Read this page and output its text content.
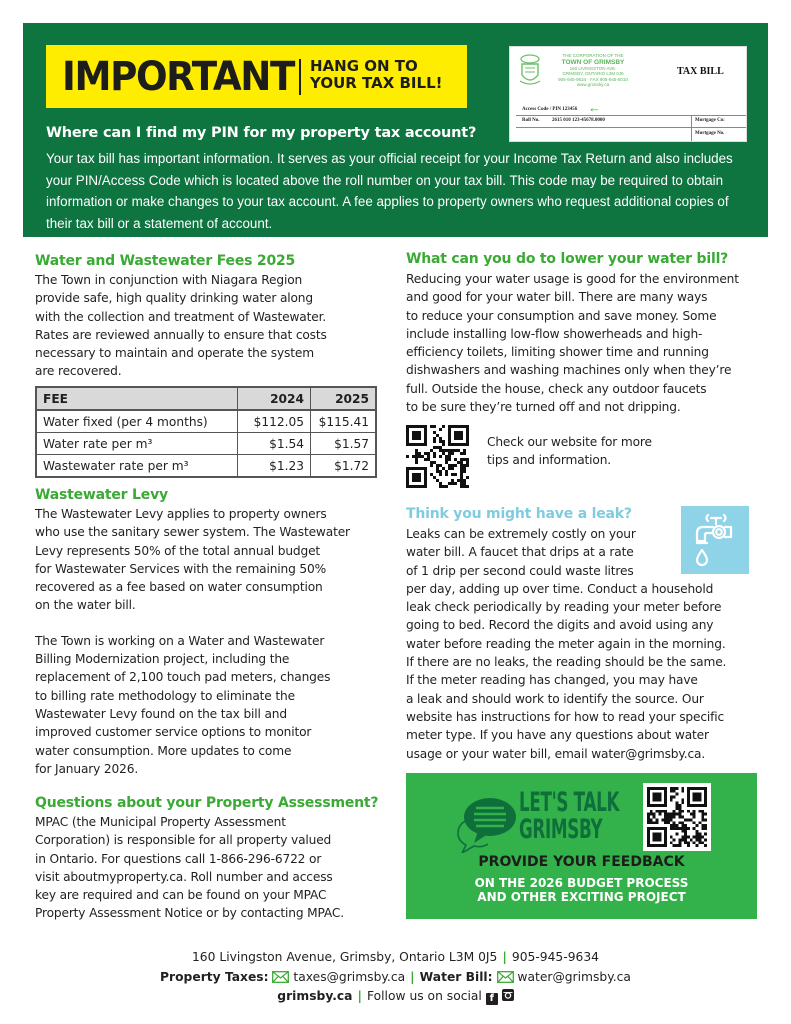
IMPORTANT HANG ON TO
YOUR TAX BILL!
THE CORPORATION OF THE
TOWN OF GRIMSBY
160 LIVINGSTON AVE.
GRIMSBY, ONTARIO L3M 0J5
905-945-9634 · FAX 905-945-5010
www.grimsby.ca
TAX BILL
Access Code / PIN 123456 ←
Roll No.	2615 010 123-45678.0000	Mortgage Co:
Mortgage No.
Where can I find my PIN for my property tax account?
Your tax bill has important information. It serves as your official receipt for your Income Tax Return and also includes your PIN/Access Code which is located above the roll number on your tax bill. This code may be required to obtain information or make changes to your tax account. A fee applies to property owners who request additional copies of their tax bill or a statement of account.
Water and Wastewater Fees 2025
The Town in conjunction with Niagara Region
provide safe, high quality drinking water along
with the collection and treatment of Wastewater.
Rates are reviewed annually to ensure that costs
necessary to maintain and operate the system
are recovered.
FEE	2024	2025
Water fixed (per 4 months)	$112.05	$115.41
Water rate per m³	$1.54	$1.57
Wastewater rate per m³	$1.23	$1.72
Wastewater Levy
The Wastewater Levy applies to property owners
who use the sanitary sewer system. The Wastewater
Levy represents 50% of the total annual budget
for Wastewater Services with the remaining 50%
recovered as a fee based on water consumption
on the water bill.
The Town is working on a Water and Wastewater
Billing Modernization project, including the
replacement of 2,100 touch pad meters, changes
to billing rate methodology to eliminate the
Wastewater Levy found on the tax bill and
improved customer service options to monitor
water consumption. More updates to come
for January 2026.
Questions about your Property Assessment?
MPAC (the Municipal Property Assessment
Corporation) is responsible for all property valued
in Ontario. For questions call 1-866-296-6722 or
visit aboutmyproperty.ca. Roll number and access
key are required and can be found on your MPAC
Property Assessment Notice or by contacting MPAC.
What can you do to lower your water bill?
Reducing your water usage is good for the environment
and good for your water bill. There are many ways
to reduce your consumption and save money. Some
include installing low-flow showerheads and high-
efficiency toilets, limiting shower time and running
dishwashers and washing machines only when they’re
full. Outside the house, check any outdoor faucets
to be sure they’re turned off and not dripping.
Check our website for more
tips and information.
Think you might have a leak?
Leaks can be extremely costly on your
water bill. A faucet that drips at a rate
of 1 drip per second could waste litres
per day, adding up over time. Conduct a household
leak check periodically by reading your meter before
going to bed. Record the digits and avoid using any
water before reading the meter again in the morning.
If there are no leaks, the reading should be the same.
If the meter reading has changed, you may have
a leak and should work to identify the source. Our
website has instructions for how to read your specific
meter type. If you have any questions about water
usage or your water bill, email water@grimsby.ca.
LET'S TALK
GRIMSBY
PROVIDE YOUR FEEDBACK
ON THE 2026 BUDGET PROCESS
AND OTHER EXCITING PROJECT
160 Livingston Avenue, Grimsby, Ontario L3M 0J5 | 905-945-9634
Property Taxes: taxes@grimsby.ca | Water Bill: water@grimsby.ca
grimsby.ca | Follow us on social f
